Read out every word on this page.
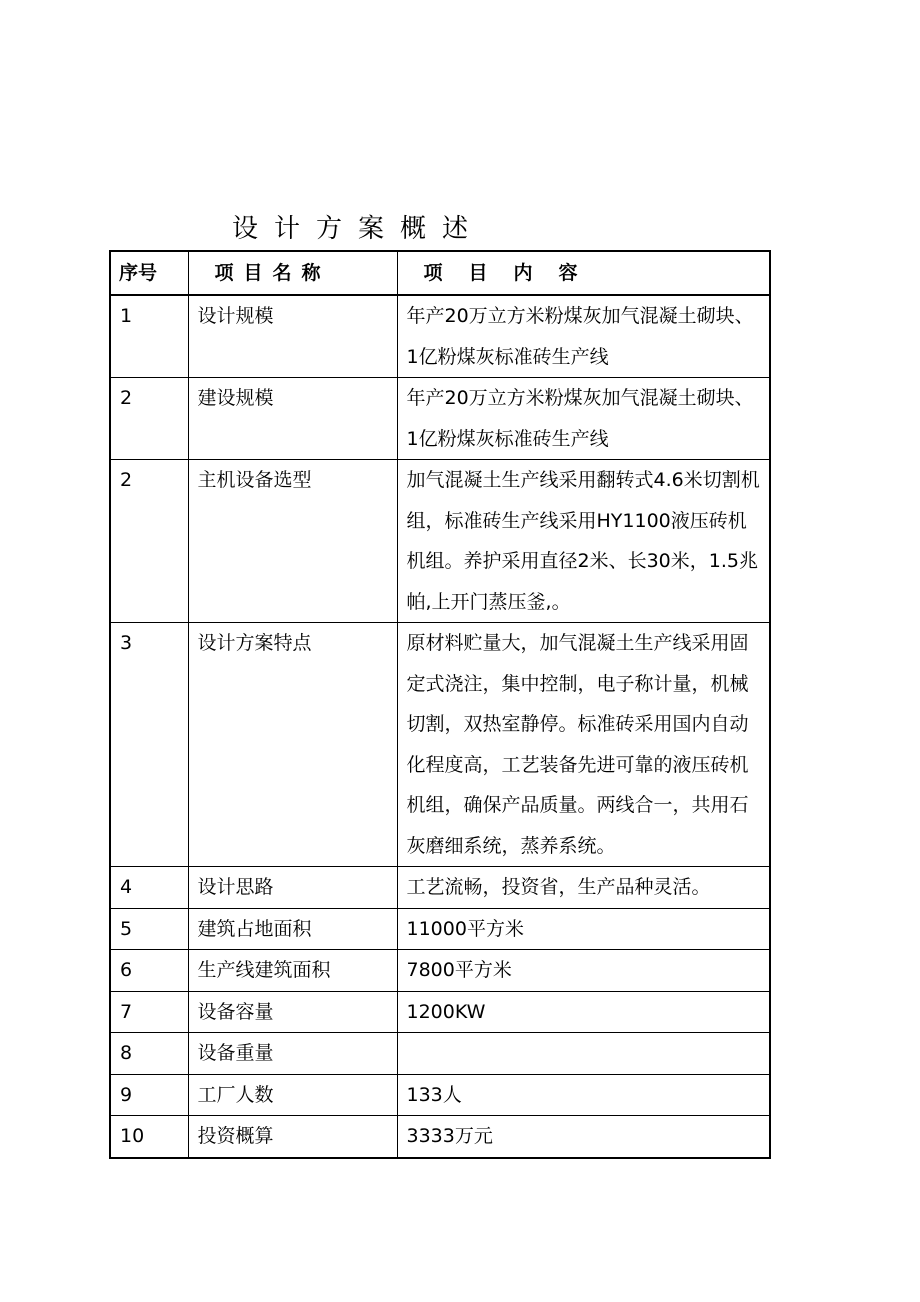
设计方案概述
序号	项目名称	项目内容
1	设计规模	年产20万立方米粉煤灰加气混凝土砌块、1亿粉煤灰标准砖生产线
2	建设规模	年产20万立方米粉煤灰加气混凝土砌块、1亿粉煤灰标准砖生产线
2	主机设备选型	加气混凝土生产线采用翻转式4.6米切割机组，标准砖生产线采用HY1100液压砖机机组。养护采用直径2米、长30米，1.5兆帕,上开门蒸压釜,。
3	设计方案特点	原材料贮量大，加气混凝土生产线采用固定式浇注，集中控制，电子称计量，机械切割，双热室静停。标准砖采用国内自动化程度高，工艺装备先进可靠的液压砖机机组，确保产品质量。两线合一，共用石灰磨细系统，蒸养系统。
4	设计思路	工艺流畅，投资省，生产品种灵活。
5	建筑占地面积	11000平方米
6	生产线建筑面积	7800平方米
7	设备容量	1200KW
8	设备重量	
9	工厂人数	133人
10	投资概算	3333万元
